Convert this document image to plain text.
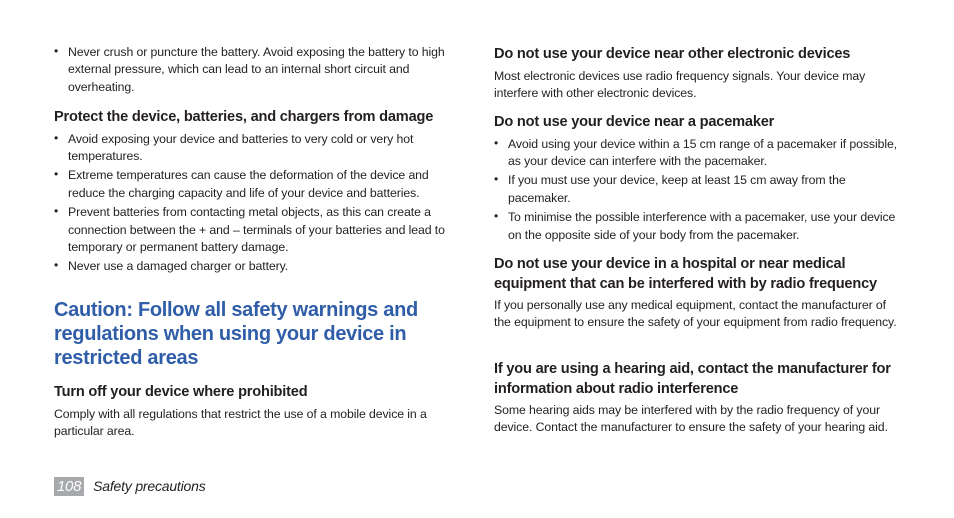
• Never crush or puncture the battery. Avoid exposing the battery to high external pressure, which can lead to an internal short circuit and overheating.

Protect the device, batteries, and chargers from damage

• Avoid exposing your device and batteries to very cold or very hot temperatures.
• Extreme temperatures can cause the deformation of the device and reduce the charging capacity and life of your device and batteries.
• Prevent batteries from contacting metal objects, as this can create a connection between the + and – terminals of your batteries and lead to temporary or permanent battery damage.
• Never use a damaged charger or battery.

Caution: Follow all safety warnings and regulations when using your device in restricted areas

Turn off your device where prohibited

Comply with all regulations that restrict the use of a mobile device in a particular area.

Do not use your device near other electronic devices

Most electronic devices use radio frequency signals. Your device may interfere with other electronic devices.

Do not use your device near a pacemaker

• Avoid using your device within a 15 cm range of a pacemaker if possible, as your device can interfere with the pacemaker.
• If you must use your device, keep at least 15 cm away from the pacemaker.
• To minimise the possible interference with a pacemaker, use your device on the opposite side of your body from the pacemaker.

Do not use your device in a hospital or near medical equipment that can be interfered with by radio frequency

If you personally use any medical equipment, contact the manufacturer of the equipment to ensure the safety of your equipment from radio frequency.

If you are using a hearing aid, contact the manufacturer for information about radio interference

Some hearing aids may be interfered with by the radio frequency of your device. Contact the manufacturer to ensure the safety of your hearing aid.

108 Safety precautions
